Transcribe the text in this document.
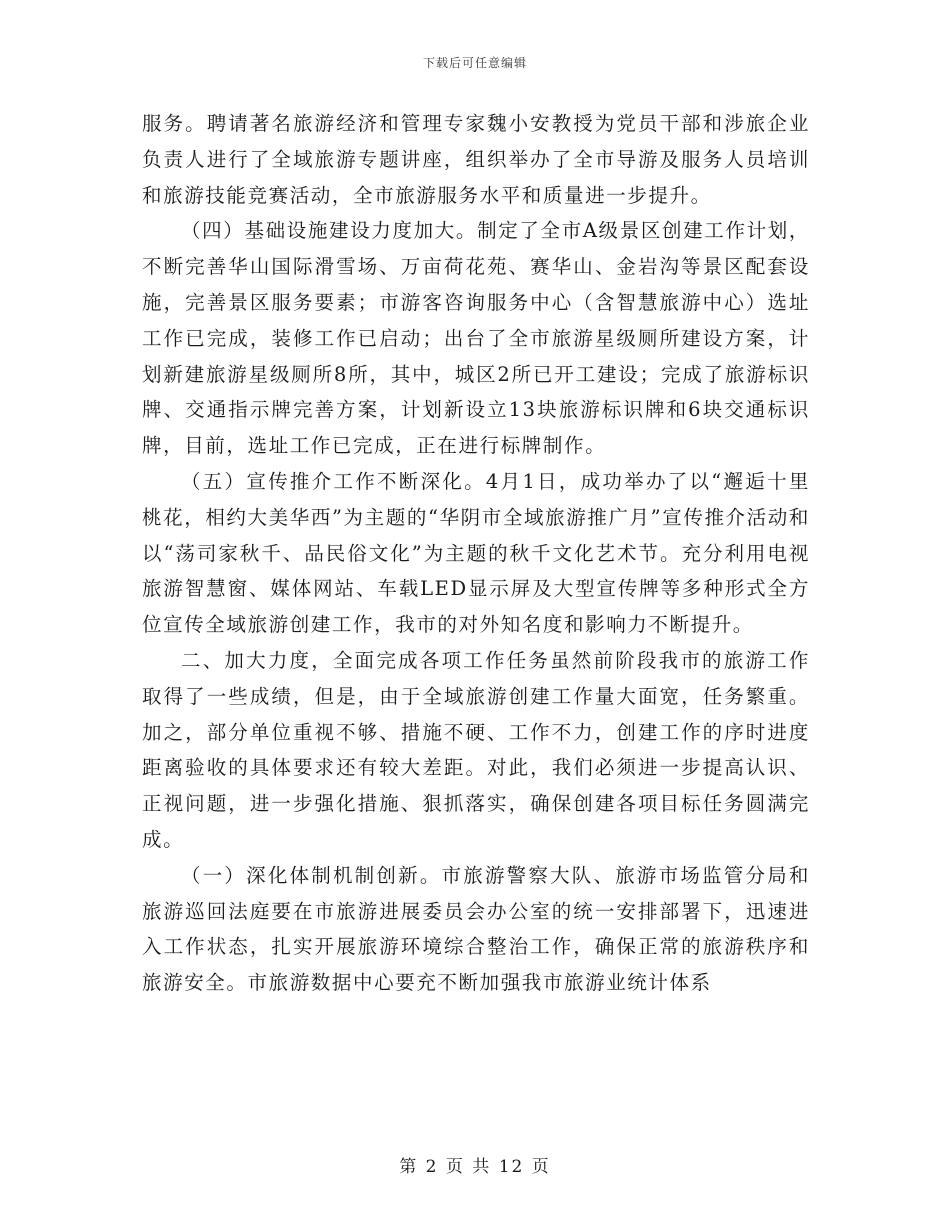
下载后可任意编辑

服务。聘请著名旅游经济和管理专家魏小安教授为党员干部和涉旅企业负责人进行了全域旅游专题讲座，组织举办了全市导游及服务人员培训和旅游技能竞赛活动，全市旅游服务水平和质量进一步提升。

（四）基础设施建设力度加大。制定了全市A级景区创建工作计划，不断完善华山国际滑雪场、万亩荷花苑、赛华山、金岩沟等景区配套设施，完善景区服务要素；市游客咨询服务中心（含智慧旅游中心）选址工作已完成，装修工作已启动；出台了全市旅游星级厕所建设方案，计划新建旅游星级厕所8所，其中，城区2所已开工建设；完成了旅游标识牌、交通指示牌完善方案，计划新设立13块旅游标识牌和6块交通标识牌，目前，选址工作已完成，正在进行标牌制作。

（五）宣传推介工作不断深化。4月1日，成功举办了以“邂逅十里桃花，相约大美华西”为主题的“华阴市全域旅游推广月”宣传推介活动和以“荡司家秋千、品民俗文化”为主题的秋千文化艺术节。充分利用电视旅游智慧窗、媒体网站、车载LED显示屏及大型宣传牌等多种形式全方位宣传全域旅游创建工作，我市的对外知名度和影响力不断提升。

二、加大力度，全面完成各项工作任务虽然前阶段我市的旅游工作取得了一些成绩，但是，由于全域旅游创建工作量大面宽，任务繁重。加之，部分单位重视不够、措施不硬、工作不力，创建工作的序时进度距离验收的具体要求还有较大差距。对此，我们必须进一步提高认识、正视问题，进一步强化措施、狠抓落实，确保创建各项目标任务圆满完成。

（一）深化体制机制创新。市旅游警察大队、旅游市场监管分局和旅游巡回法庭要在市旅游进展委员会办公室的统一安排部署下，迅速进入工作状态，扎实开展旅游环境综合整治工作，确保正常的旅游秩序和旅游安全。市旅游数据中心要充不断加强我市旅游业统计体系

第 2 页 共 12 页
